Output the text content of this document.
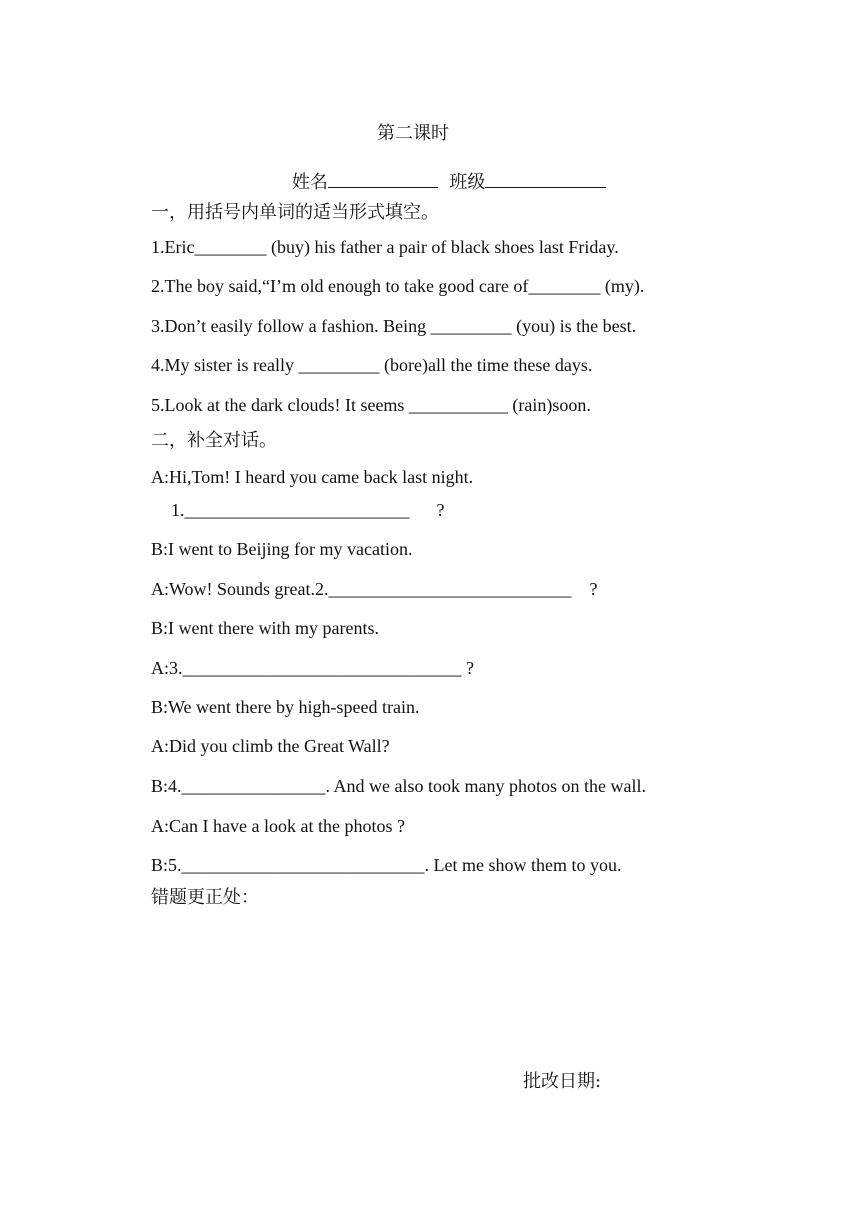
第二课时

姓名	班级

一，用括号内单词的适当形式填空。
1.Eric________ (buy) his father a pair of black shoes last Friday.
2.The boy said,“I’m old enough to take good care of________ (my).
3.Don’t easily follow a fashion. Being _________ (you) is the best.
4.My sister is really _________ (bore)all the time these days.
5.Look at the dark clouds! It seems ___________ (rain)soon.
二，补全对话。
A:Hi,Tom! I heard you came back last night.
1._________________________      ?
B:I went to Beijing for my vacation.
A:Wow! Sounds great.2.___________________________    ?
B:I went there with my parents.
A:3._______________________________ ?
B:We went there by high-speed train.
A:Did you climb the Great Wall?
B:4.________________. And we also took many photos on the wall.
A:Can I have a look at the photos ?
B:5.___________________________. Let me show them to you.
错题更正处：
批改日期:
